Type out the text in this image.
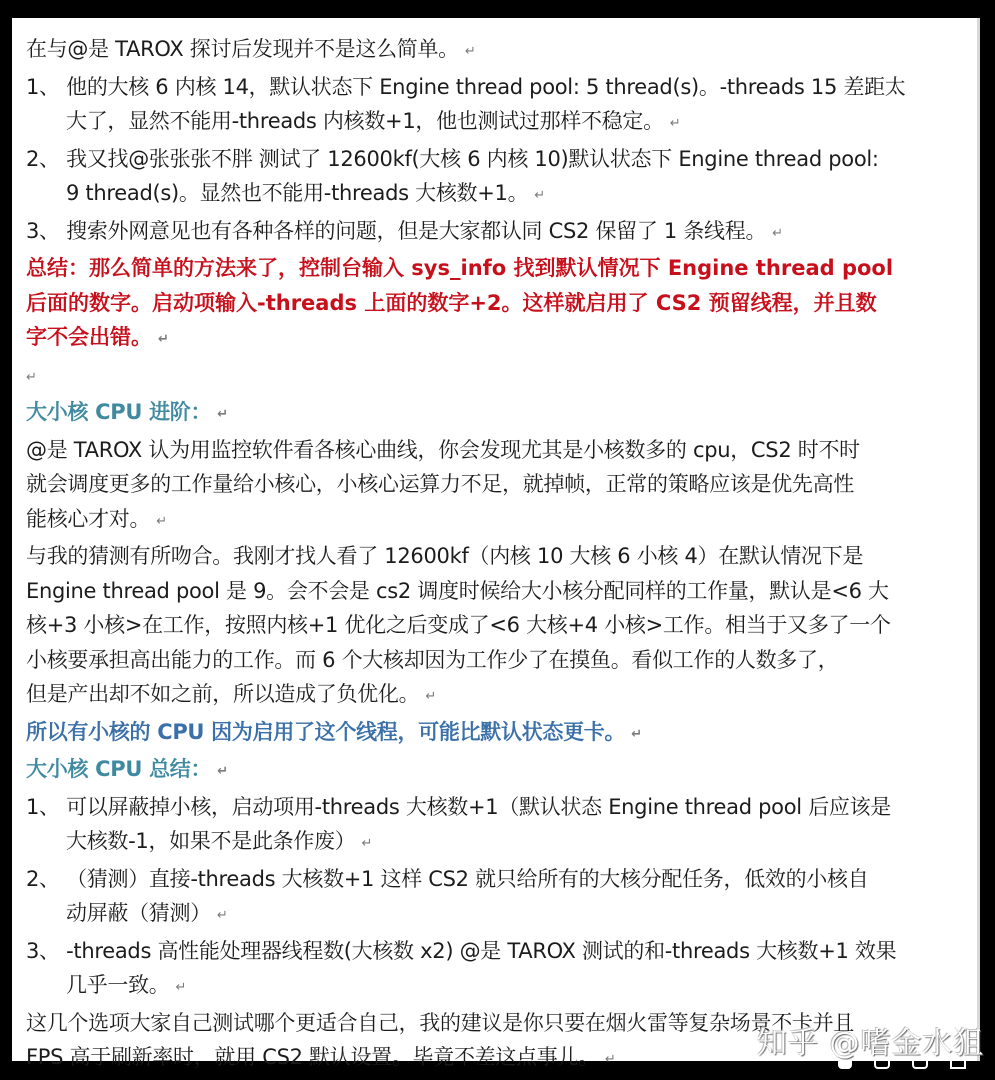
在与@是 TAROX 探讨后发现并不是这么简单。 ↵
1、 他的大核 6 内核 14，默认状态下 Engine thread pool: 5 thread(s)。-threads 15 差距太
大了，显然不能用-threads 内核数+1，他也测试过那样不稳定。 ↵
2、 我又找@张张张不胖 测试了 12600kf(大核 6 内核 10)默认状态下 Engine thread pool:
9 thread(s)。显然也不能用-threads 大核数+1。 ↵
3、 搜索外网意见也有各种各样的问题，但是大家都认同 CS2 保留了 1 条线程。 ↵
总结：那么简单的方法来了，控制台输入 sys_info 找到默认情况下 Engine thread pool
后面的数字。启动项输入-threads 上面的数字+2。这样就启用了 CS2 预留线程，并且数
字不会出错。 ↵
↵
大小核 CPU 进阶： ↵
@是 TAROX 认为用监控软件看各核心曲线，你会发现尤其是小核数多的 cpu，CS2 时不时
就会调度更多的工作量给小核心，小核心运算力不足，就掉帧，正常的策略应该是优先高性
能核心才对。 ↵
与我的猜测有所吻合。我刚才找人看了 12600kf（内核 10 大核 6 小核 4）在默认情况下是
Engine thread pool 是 9。会不会是 cs2 调度时候给大小核分配同样的工作量，默认是<6 大
核+3 小核>在工作，按照内核+1 优化之后变成了<6 大核+4 小核>工作。相当于又多了一个
小核要承担高出能力的工作。而 6 个大核却因为工作少了在摸鱼。看似工作的人数多了，
但是产出却不如之前，所以造成了负优化。 ↵
所以有小核的 CPU 因为启用了这个线程，可能比默认状态更卡。 ↵
大小核 CPU 总结： ↵
1、 可以屏蔽掉小核，启动项用-threads 大核数+1（默认状态 Engine thread pool 后应该是
大核数-1，如果不是此条作废） ↵
2、 （猜测）直接-threads 大核数+1 这样 CS2 就只给所有的大核分配任务，低效的小核自
动屏蔽（猜测） ↵
3、 -threads 高性能处理器线程数(大核数 x2) @是 TAROX 测试的和-threads 大核数+1 效果
几乎一致。 ↵
这几个选项大家自己测试哪个更适合自己，我的建议是你只要在烟火雷等复杂场景不卡并且
FPS 高于刷新率时，就用 CS2 默认设置。毕竟不差这点事儿。 ↵	知乎 @嗜金水狙
